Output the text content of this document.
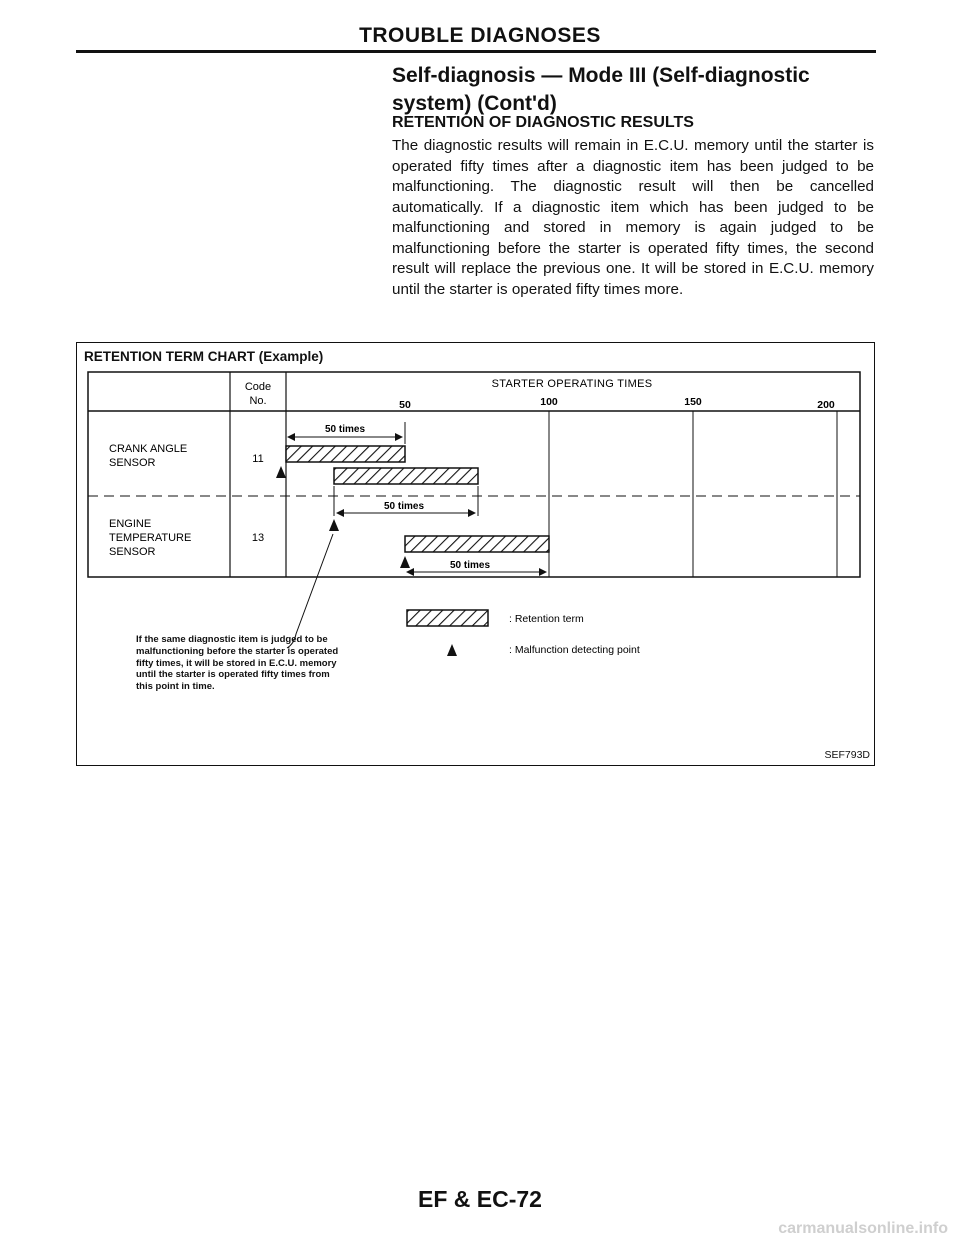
TROUBLE DIAGNOSES
Self-diagnosis — Mode III (Self-diagnostic system) (Cont'd)
RETENTION OF DIAGNOSTIC RESULTS
The diagnostic results will remain in E.C.U. memory until the starter is operated fifty times after a diagnostic item has been judged to be malfunctioning. The diagnostic result will then be cancelled automatically. If a diagnostic item which has been judged to be malfunctioning and stored in memory is again judged to be malfunctioning before the starter is operated fifty times, the second result will replace the previous one. It will be stored in E.C.U. memory until the starter is operated fifty times more.
RETENTION TERM CHART (Example)
Code
No.
STARTER OPERATING TIMES
50	100	150	200
CRANK ANGLE
SENSOR	11
ENGINE
TEMPERATURE
SENSOR
13
50 times
50 times
50 times
: Retention term
: Malfunction detecting point
If the same diagnostic item is judged to be malfunctioning before the starter is operated fifty times, it will be stored in E.C.U. memory until the starter is operated fifty times from this point in time.
SEF793D
EF & EC-72
carmanualsonline.info
